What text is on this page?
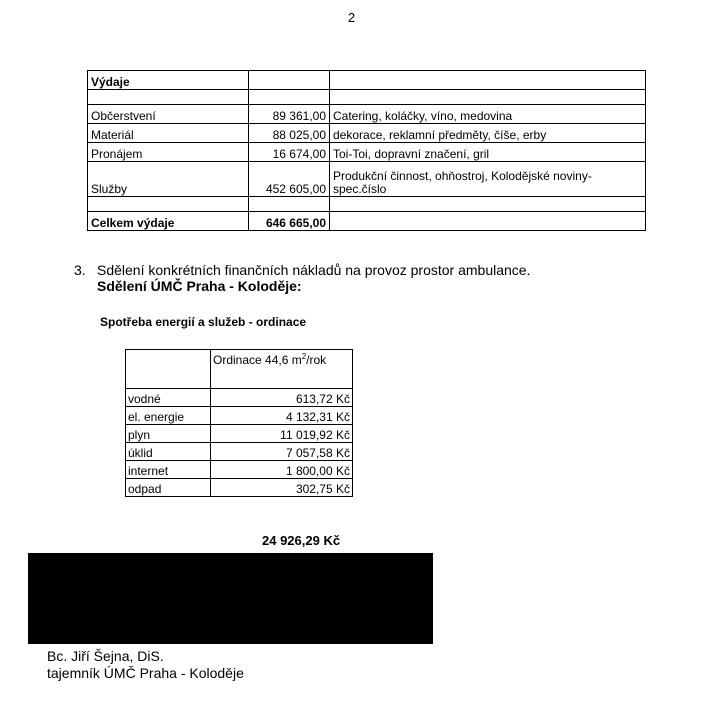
2
Výdaje		

Občerstvení	89 361,00	Catering, koláčky, víno, medovina
Materiál	88 025,00	dekorace, reklamní předměty, číše, erby
Pronájem	16 674,00	Toi-Toi, dopravní značení, gril
Služby	452 605,00	Produkční činnost, ohňostroj, Kolodějské noviny-spec.číslo

Celkem výdaje	646 665,00	
3. Sdělení konkrétních finančních nákladů na provoz prostor ambulance.
Sdělení ÚMČ Praha - Koloděje:
Spotřeba energií a služeb - ordinace
	Ordinace 44,6 $m^2$/rok
vodné	613,72 Kč
el. energie	4 132,31 Kč
plyn	11 019,92 Kč
úklid	7 057,58 Kč
internet	1 800,00 Kč
odpad	302,75 Kč
24 926,29 Kč
Bc. Jiří Šejna, DiS.
tajemník ÚMČ Praha - Koloděje
